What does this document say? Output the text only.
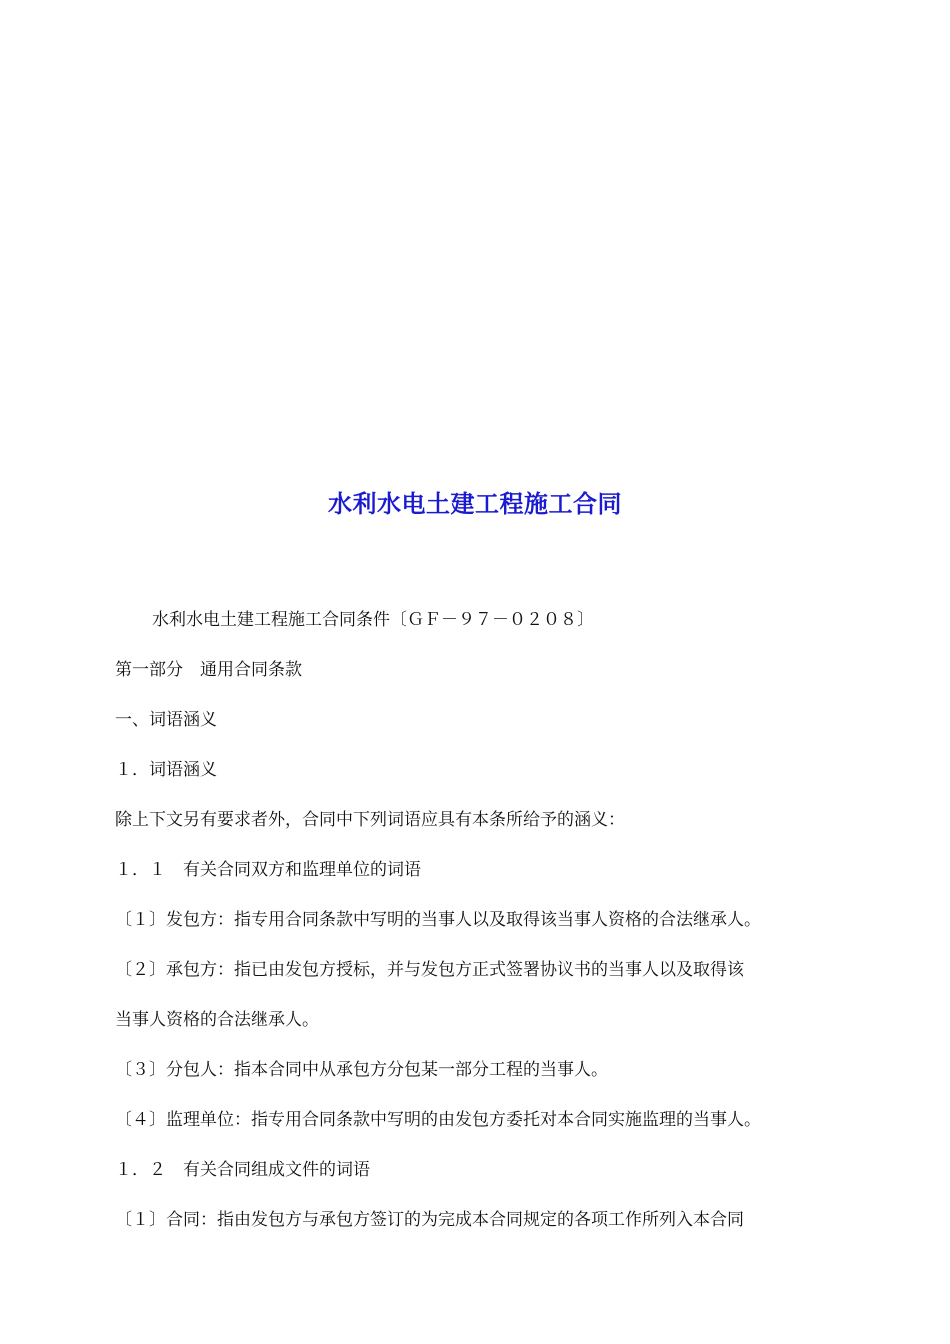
水利水电土建工程施工合同
水利水电土建工程施工合同条件〔ＧＦ－９７－０２０８〕
第一部分　通用合同条款
一、词语涵义
１．词语涵义
除上下文另有要求者外，合同中下列词语应具有本条所给予的涵义：
１．１　有关合同双方和监理单位的词语
〔１〕发包方：指专用合同条款中写明的当事人以及取得该当事人资格的合法继承人。
〔２〕承包方：指已由发包方授标，并与发包方正式签署协议书的当事人以及取得该
当事人资格的合法继承人。
〔３〕分包人：指本合同中从承包方分包某一部分工程的当事人。
〔４〕监理单位：指专用合同条款中写明的由发包方委托对本合同实施监理的当事人。
１．２　有关合同组成文件的词语
〔１〕合同：指由发包方与承包方签订的为完成本合同规定的各项工作所列入本合同
